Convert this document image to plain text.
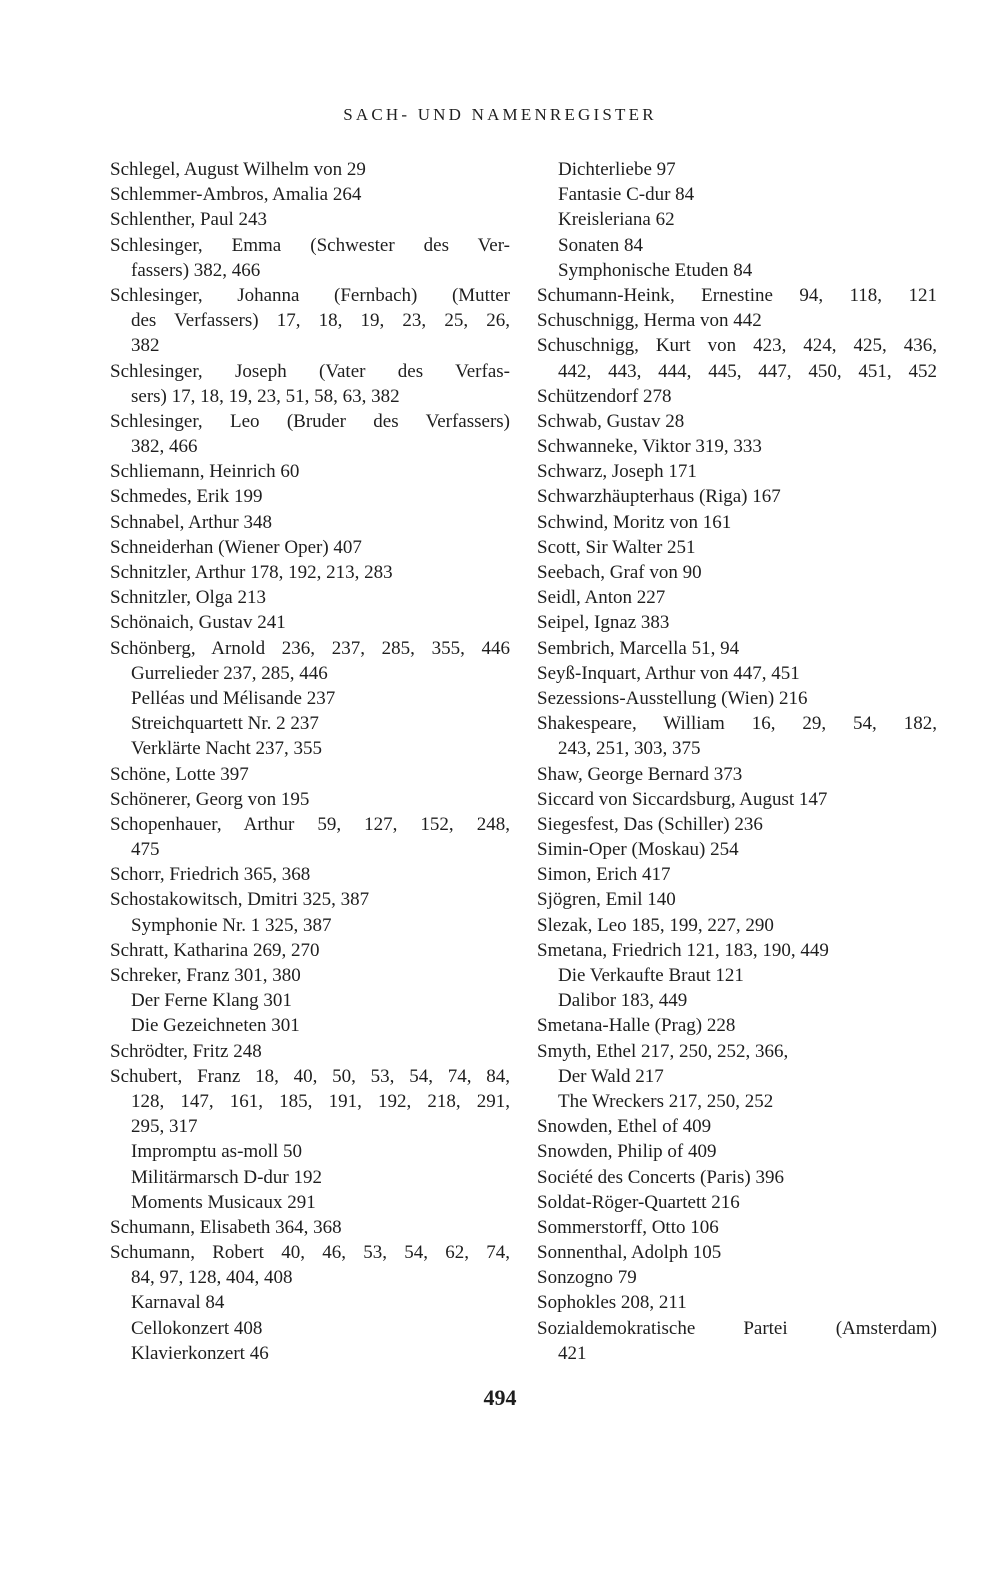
SACH- UND NAMENREGISTER
Schlegel, August Wilhelm von 29
Schlemmer-Ambros, Amalia 264
Schlenther, Paul 243
Schlesinger, Emma (Schwester des Ver-
fassers) 382, 466
Schlesinger, Johanna (Fernbach) (Mutter
des Verfassers) 17, 18, 19, 23, 25, 26,
382
Schlesinger, Joseph (Vater des Verfas-
sers) 17, 18, 19, 23, 51, 58, 63, 382
Schlesinger, Leo (Bruder des Verfassers)
382, 466
Schliemann, Heinrich 60
Schmedes, Erik 199
Schnabel, Arthur 348
Schneiderhan (Wiener Oper) 407
Schnitzler, Arthur 178, 192, 213, 283
Schnitzler, Olga 213
Schönaich, Gustav 241
Schönberg, Arnold 236, 237, 285, 355, 446
Gurrelieder 237, 285, 446
Pelléas und Mélisande 237
Streichquartett Nr. 2 237
Verklärte Nacht 237, 355
Schöne, Lotte 397
Schönerer, Georg von 195
Schopenhauer, Arthur 59, 127, 152, 248,
475
Schorr, Friedrich 365, 368
Schostakowitsch, Dmitri 325, 387
Symphonie Nr. 1 325, 387
Schratt, Katharina 269, 270
Schreker, Franz 301, 380
Der Ferne Klang 301
Die Gezeichneten 301
Schrödter, Fritz 248
Schubert, Franz 18, 40, 50, 53, 54, 74, 84,
128, 147, 161, 185, 191, 192, 218, 291,
295, 317
Impromptu as-moll 50
Militärmarsch D-dur 192
Moments Musicaux 291
Schumann, Elisabeth 364, 368
Schumann, Robert 40, 46, 53, 54, 62, 74,
84, 97, 128, 404, 408
Karnaval 84
Cellokonzert 408
Klavierkonzert 46
Dichterliebe 97
Fantasie C-dur 84
Kreisleriana 62
Sonaten 84
Symphonische Etuden 84
Schumann-Heink, Ernestine 94, 118, 121
Schuschnigg, Herma von 442
Schuschnigg, Kurt von 423, 424, 425, 436,
442, 443, 444, 445, 447, 450, 451, 452
Schützendorf 278
Schwab, Gustav 28
Schwanneke, Viktor 319, 333
Schwarz, Joseph 171
Schwarzhäupterhaus (Riga) 167
Schwind, Moritz von 161
Scott, Sir Walter 251
Seebach, Graf von 90
Seidl, Anton 227
Seipel, Ignaz 383
Sembrich, Marcella 51, 94
Seyß-Inquart, Arthur von 447, 451
Sezessions-Ausstellung (Wien) 216
Shakespeare, William 16, 29, 54, 182,
243, 251, 303, 375
Shaw, George Bernard 373
Siccard von Siccardsburg, August 147
Siegesfest, Das (Schiller) 236
Simin-Oper (Moskau) 254
Simon, Erich 417
Sjögren, Emil 140
Slezak, Leo 185, 199, 227, 290
Smetana, Friedrich 121, 183, 190, 449
Die Verkaufte Braut 121
Dalibor 183, 449
Smetana-Halle (Prag) 228
Smyth, Ethel 217, 250, 252, 366,
Der Wald 217
The Wreckers 217, 250, 252
Snowden, Ethel of 409
Snowden, Philip of 409
Société des Concerts (Paris) 396
Soldat-Röger-Quartett 216
Sommerstorff, Otto 106
Sonnenthal, Adolph 105
Sonzogno 79
Sophokles 208, 211
Sozialdemokratische Partei (Amsterdam)
421
494
